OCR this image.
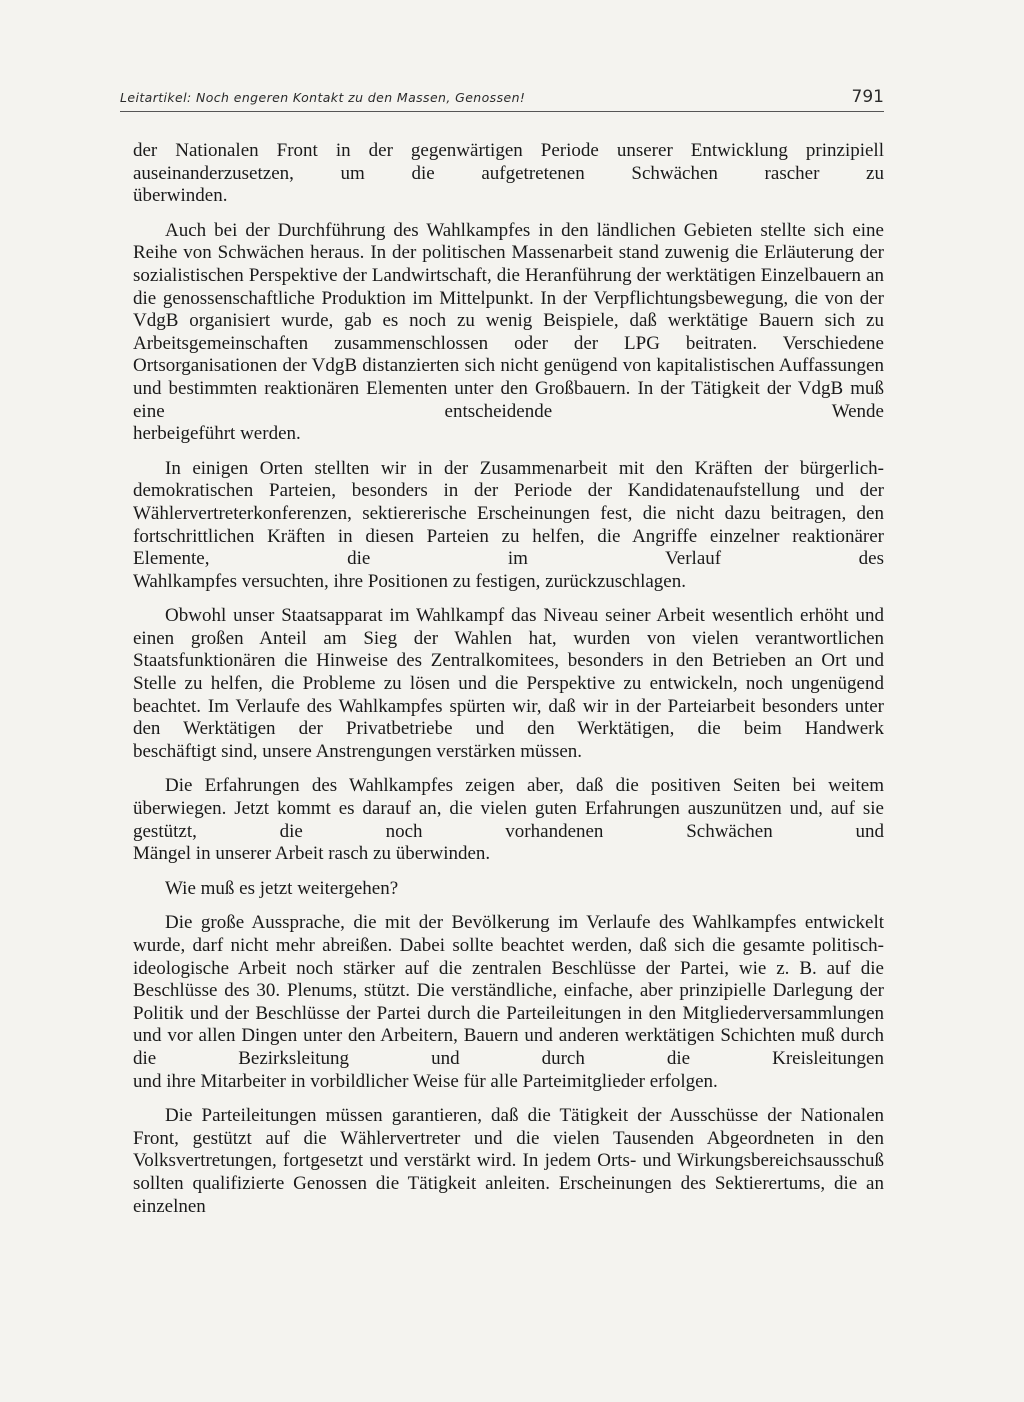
Leitartikel: Noch engeren Kontakt zu den Massen, Genossen!	791

der Nationalen Front in der gegenwärtigen Periode unserer Entwicklung prinzipiell auseinanderzusetzen, um die aufgetretenen Schwächen rascher zu
überwinden.

Auch bei der Durchführung des Wahlkampfes in den ländlichen Gebieten stellte sich eine Reihe von Schwächen heraus. In der politischen Massenarbeit stand zuwenig die Erläuterung der sozialistischen Perspektive der Landwirtschaft, die Heranführung der werktätigen Einzelbauern an die genossenschaftliche Produktion im Mittelpunkt. In der Verpflichtungsbewegung, die von der VdgB organisiert wurde, gab es noch zu wenig Beispiele, daß werktätige Bauern sich zu Arbeitsgemeinschaften zusammenschlossen oder der LPG beitraten. Verschiedene Ortsorganisationen der VdgB distanzierten sich nicht genügend von kapitalistischen Auffassungen und bestimmten reaktionären Elementen unter den Großbauern. In der Tätigkeit der VdgB muß eine entscheidende Wende
herbeigeführt werden.

In einigen Orten stellten wir in der Zusammenarbeit mit den Kräften der bürgerlich-demokratischen Parteien, besonders in der Periode der Kandidatenaufstellung und der Wählervertreterkonferenzen, sektiererische Erscheinungen fest, die nicht dazu beitragen, den fortschrittlichen Kräften in diesen Parteien zu helfen, die Angriffe einzelner reaktionärer Elemente, die im Verlauf des
Wahlkampfes versuchten, ihre Positionen zu festigen, zurückzuschlagen.

Obwohl unser Staatsapparat im Wahlkampf das Niveau seiner Arbeit wesentlich erhöht und einen großen Anteil am Sieg der Wahlen hat, wurden von vielen verantwortlichen Staatsfunktionären die Hinweise des Zentralkomitees, besonders in den Betrieben an Ort und Stelle zu helfen, die Probleme zu lösen und die Perspektive zu entwickeln, noch ungenügend beachtet. Im Verlaufe des Wahlkampfes spürten wir, daß wir in der Parteiarbeit besonders unter den Werktätigen der Privatbetriebe und den Werktätigen, die beim Handwerk
beschäftigt sind, unsere Anstrengungen verstärken müssen.

Die Erfahrungen des Wahlkampfes zeigen aber, daß die positiven Seiten bei weitem überwiegen. Jetzt kommt es darauf an, die vielen guten Erfahrungen auszunützen und, auf sie gestützt, die noch vorhandenen Schwächen und
Mängel in unserer Arbeit rasch zu überwinden.

Wie muß es jetzt weitergehen?

Die große Aussprache, die mit der Bevölkerung im Verlaufe des Wahlkampfes entwickelt wurde, darf nicht mehr abreißen. Dabei sollte beachtet werden, daß sich die gesamte politisch-ideologische Arbeit noch stärker auf die zentralen Beschlüsse der Partei, wie z. B. auf die Beschlüsse des 30. Plenums, stützt. Die verständliche, einfache, aber prinzipielle Darlegung der Politik und der Beschlüsse der Partei durch die Parteileitungen in den Mitgliederversammlungen und vor allen Dingen unter den Arbeitern, Bauern und anderen werktätigen Schichten muß durch die Bezirksleitung und durch die Kreisleitungen
und ihre Mitarbeiter in vorbildlicher Weise für alle Parteimitglieder erfolgen.

Die Parteileitungen müssen garantieren, daß die Tätigkeit der Ausschüsse der Nationalen Front, gestützt auf die Wählervertreter und die vielen Tausenden Abgeordneten in den Volksvertretungen, fortgesetzt und verstärkt wird. In jedem Orts- und Wirkungsbereichsausschuß sollten qualifizierte Genossen die Tätigkeit anleiten. Erscheinungen des Sektierertums, die an einzelnen
